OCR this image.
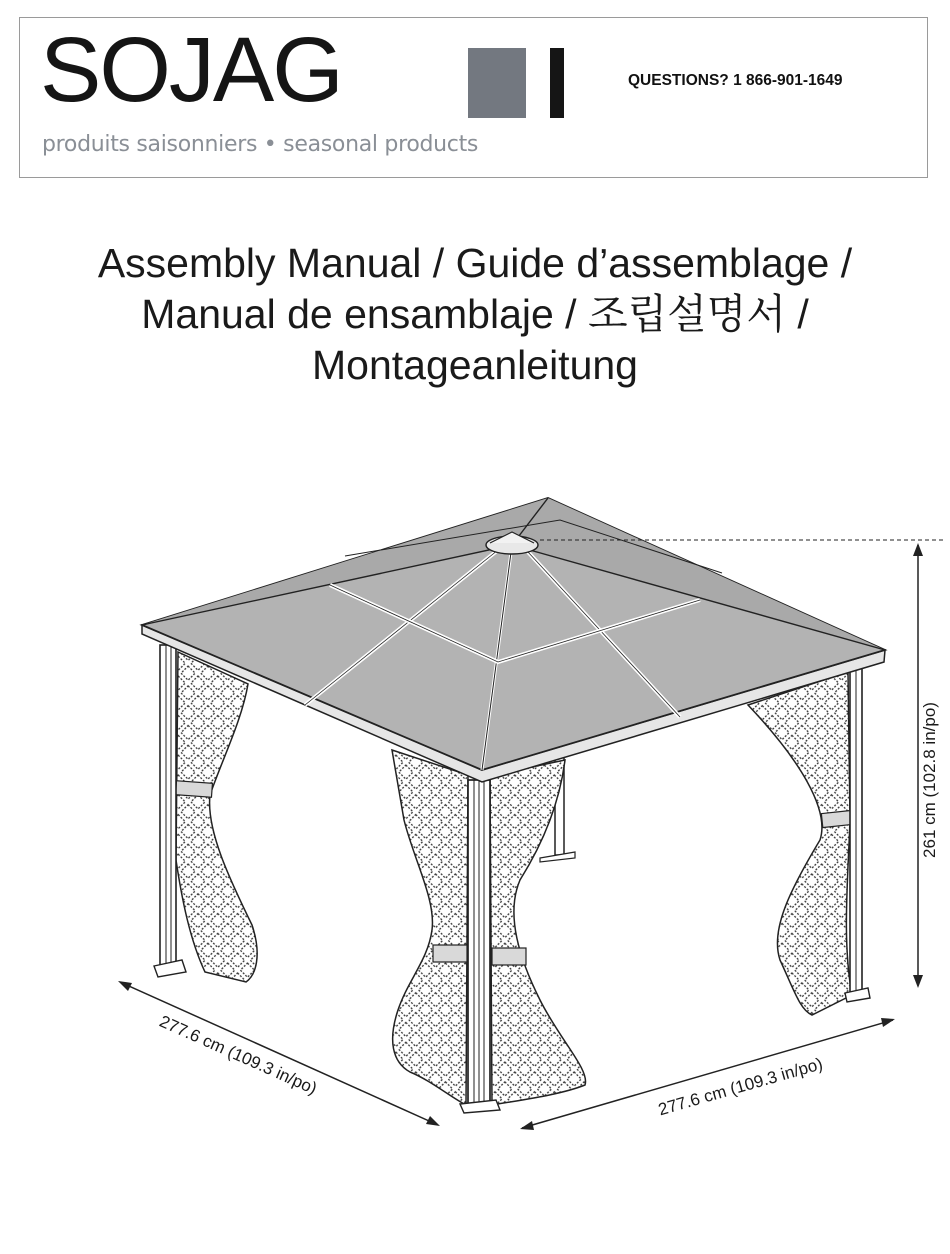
SOJAG
produits saisonniers • seasonal products
QUESTIONS? 1 866-901-1649
Assembly Manual / Guide d’assemblage /
Manual de ensamblaje / 조립설명서 /
Montageanleitung
261 cm (102.8 in/po)
277.6 cm (109.3 in/po)	277.6 cm (109.3 in/po)
